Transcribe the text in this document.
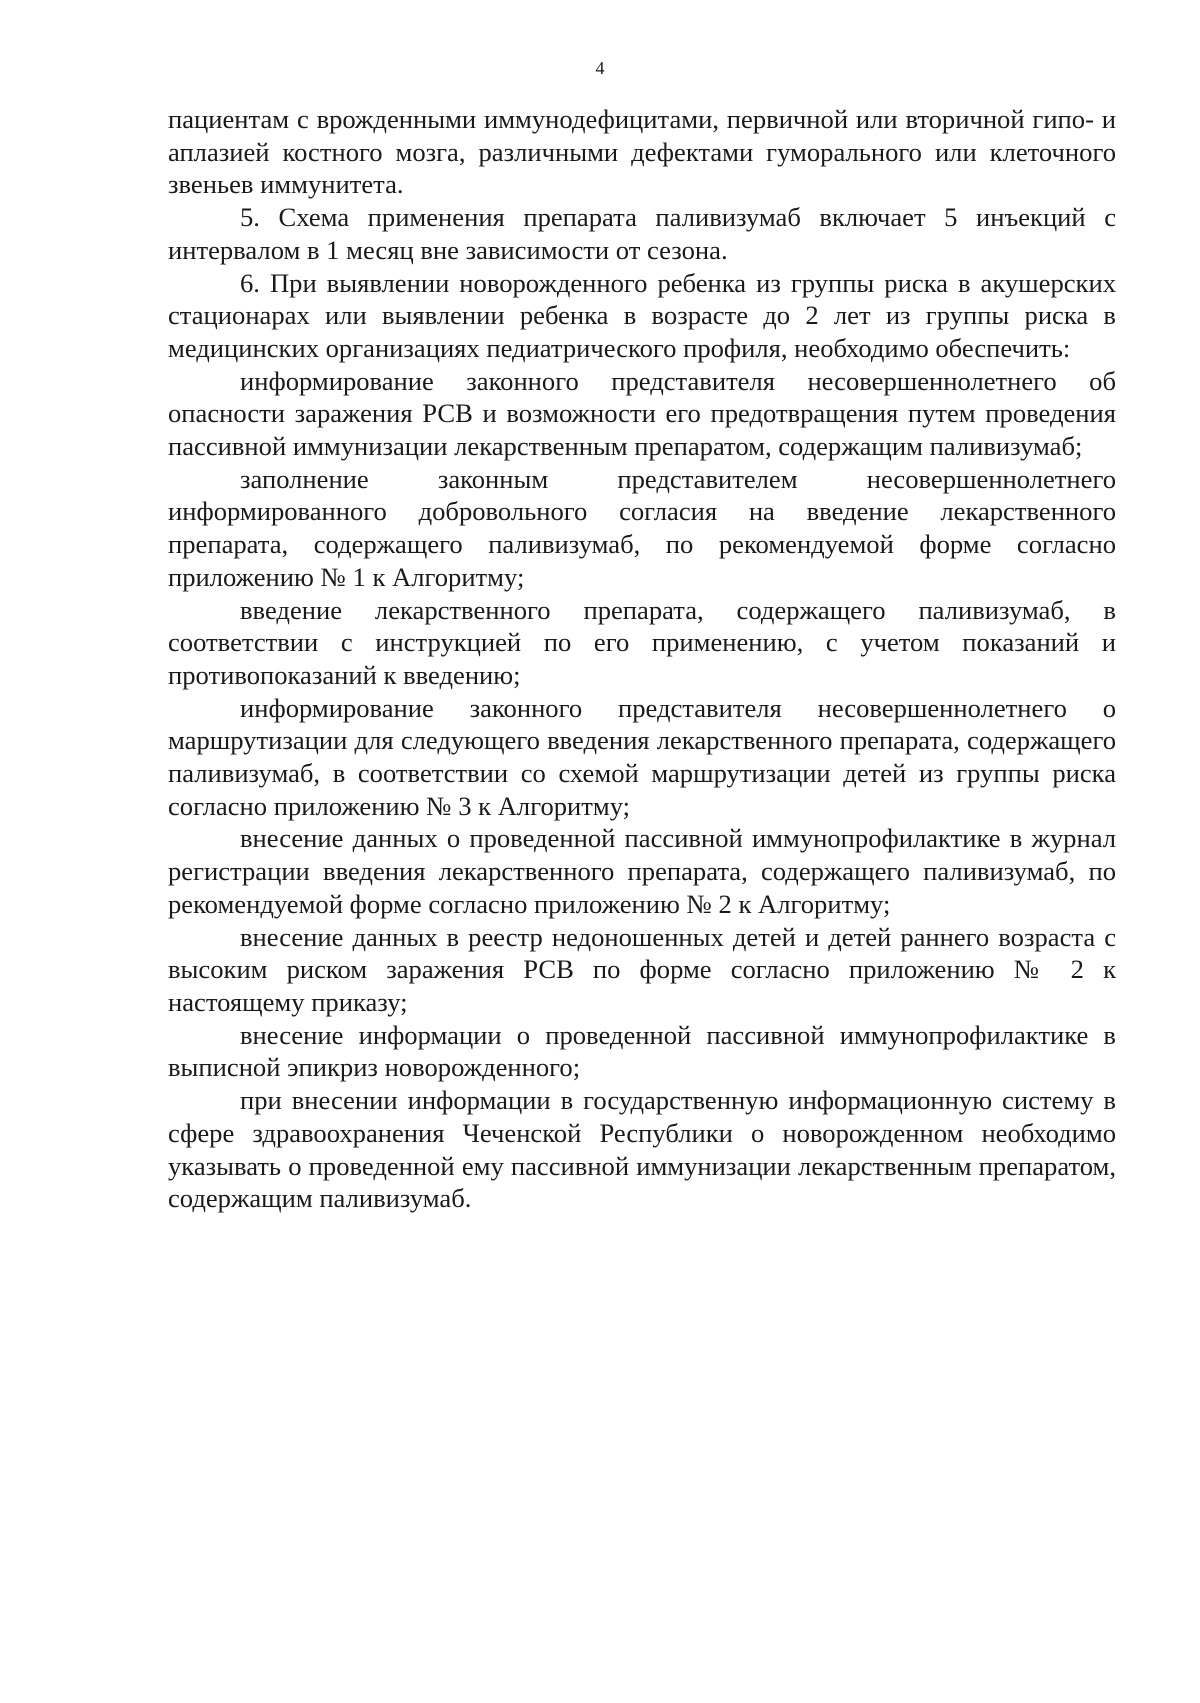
4

пациентам с врожденными иммунодефицитами, первичной или вторичной гипо- и аплазией костного мозга, различными дефектами гуморального или клеточного звеньев иммунитета.

5. Схема применения препарата паливизумаб включает 5 инъекций с интервалом в 1 месяц вне зависимости от сезона.

6. При выявлении новорожденного ребенка из группы риска в акушерских стационарах или выявлении ребенка в возрасте до 2 лет из группы риска в медицинских организациях педиатрического профиля, необходимо обеспечить:

информирование законного представителя несовершеннолетнего об опасности заражения РСВ и возможности его предотвращения путем проведения пассивной иммунизации лекарственным препаратом, содержащим паливизумаб;

заполнение законным представителем несовершеннолетнего информированного добровольного согласия на введение лекарственного препарата, содержащего паливизумаб, по рекомендуемой форме согласно приложению № 1 к Алгоритму;

введение лекарственного препарата, содержащего паливизумаб, в соответствии с инструкцией по его применению, с учетом показаний и противопоказаний к введению;

информирование законного представителя несовершеннолетнего о маршрутизации для следующего введения лекарственного препарата, содержащего паливизумаб, в соответствии со схемой маршрутизации детей из группы риска согласно приложению № 3 к Алгоритму;

внесение данных о проведенной пассивной иммунопрофилактике в журнал регистрации введения лекарственного препарата, содержащего паливизумаб, по рекомендуемой форме согласно приложению № 2 к Алгоритму;

внесение данных в реестр недоношенных детей и детей раннего возраста с высоким риском заражения РСВ по форме согласно приложению № 2 к настоящему приказу;

внесение информации о проведенной пассивной иммунопрофилактике в выписной эпикриз новорожденного;

при внесении информации в государственную информационную систему в сфере здравоохранения Чеченской Республики о новорожденном необходимо указывать о проведенной ему пассивной иммунизации лекарственным препаратом, содержащим паливизумаб.
